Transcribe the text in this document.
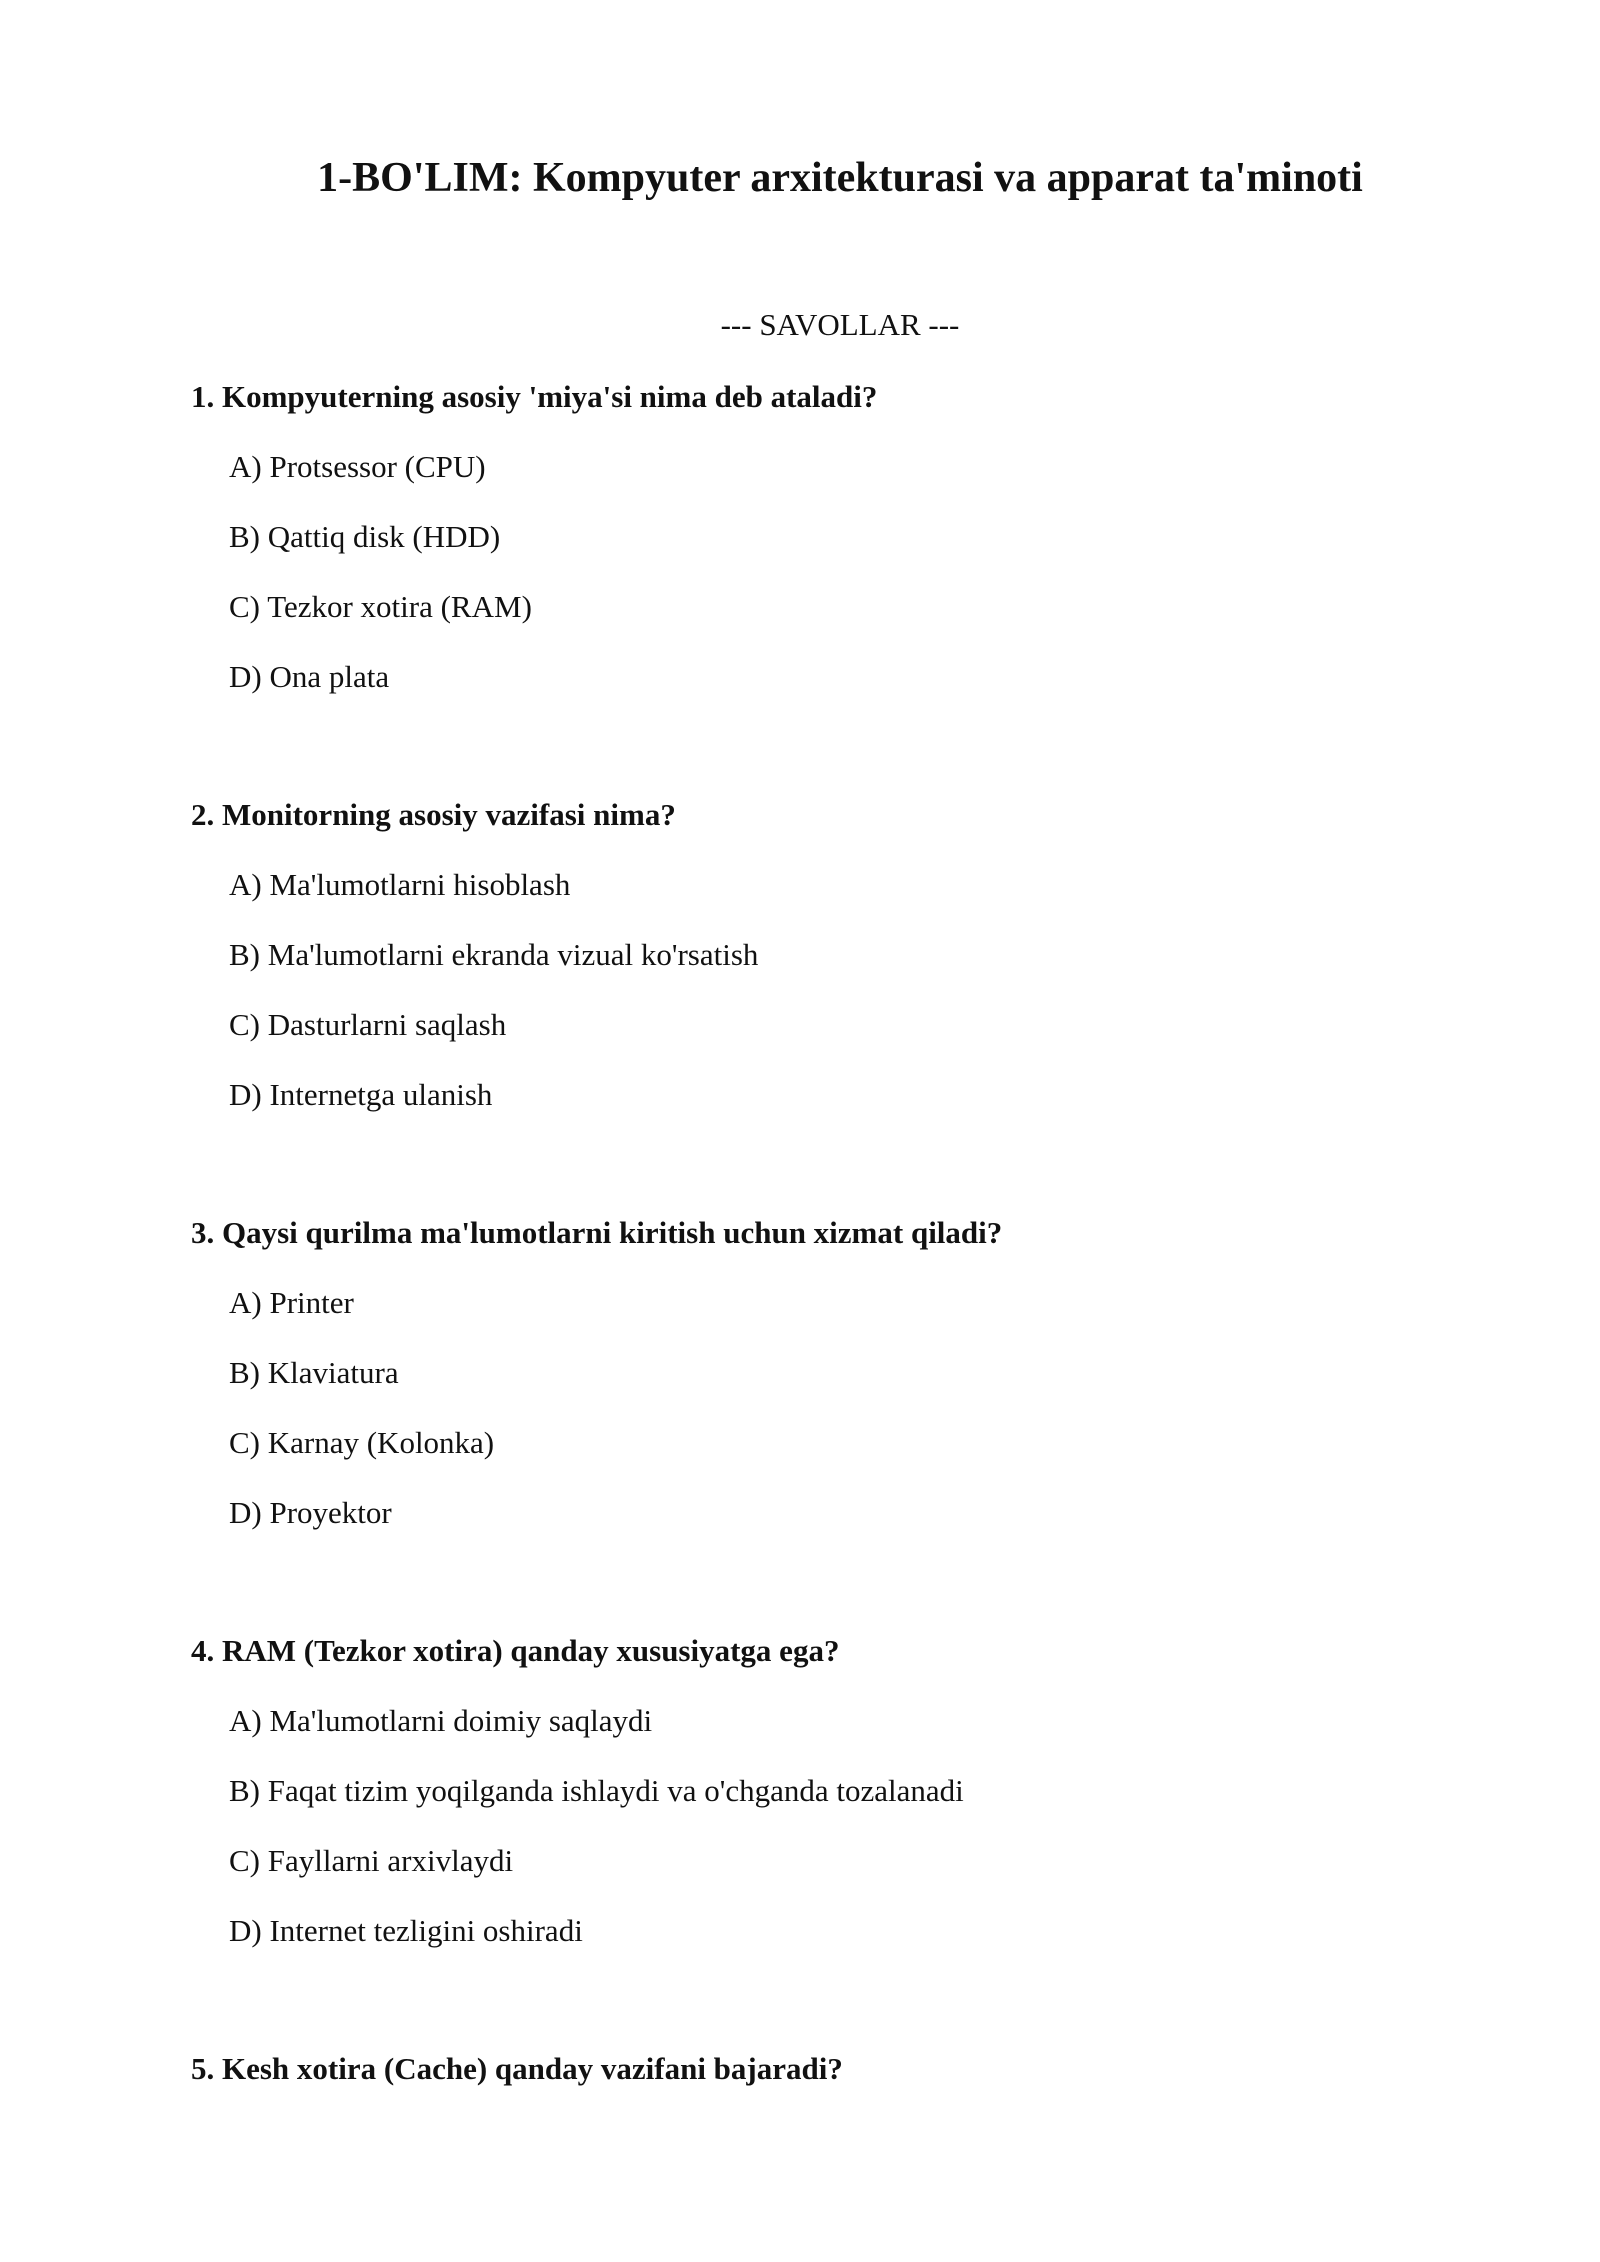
1-BO'LIM: Kompyuter arxitekturasi va apparat ta'minoti
--- SAVOLLAR ---
1. Kompyuterning asosiy 'miya'si nima deb ataladi?
A) Protsessor (CPU)
B) Qattiq disk (HDD)
C) Tezkor xotira (RAM)
D) Ona plata
2. Monitorning asosiy vazifasi nima?
A) Ma'lumotlarni hisoblash
B) Ma'lumotlarni ekranda vizual ko'rsatish
C) Dasturlarni saqlash
D) Internetga ulanish
3. Qaysi qurilma ma'lumotlarni kiritish uchun xizmat qiladi?
A) Printer
B) Klaviatura
C) Karnay (Kolonka)
D) Proyektor
4. RAM (Tezkor xotira) qanday xususiyatga ega?
A) Ma'lumotlarni doimiy saqlaydi
B) Faqat tizim yoqilganda ishlaydi va o'chganda tozalanadi
C) Fayllarni arxivlaydi
D) Internet tezligini oshiradi
5. Kesh xotira (Cache) qanday vazifani bajaradi?
